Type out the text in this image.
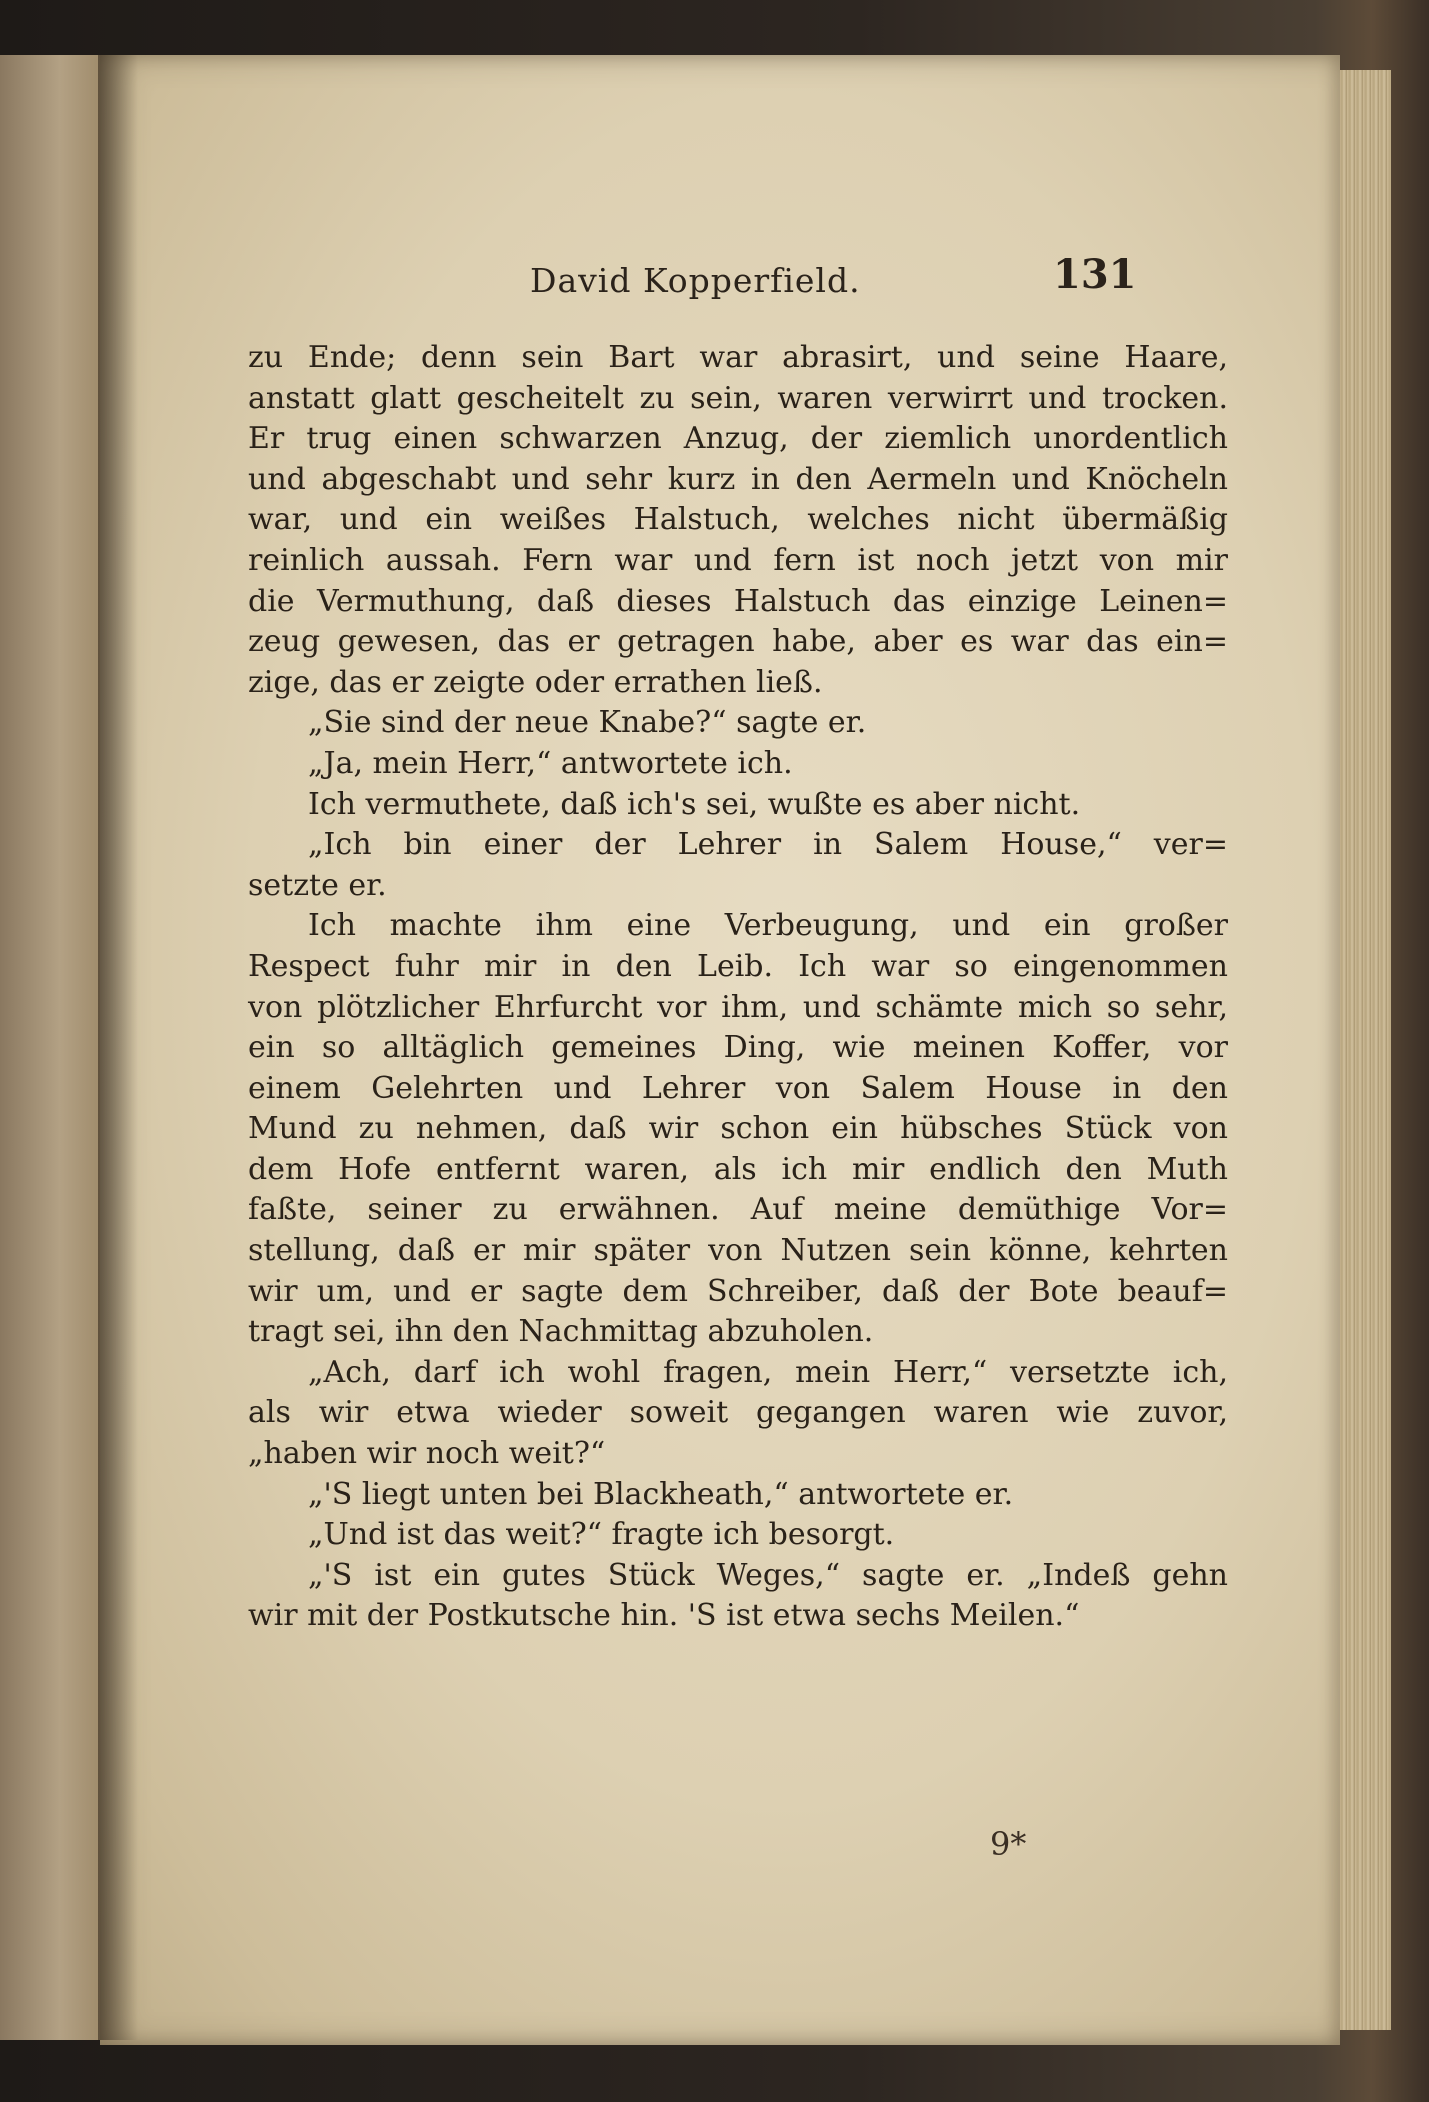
David Kopperfield.	131
zu Ende; denn sein Bart war abrasirt, und seine Haare,
anstatt glatt gescheitelt zu sein, waren verwirrt und trocken.
Er trug einen schwarzen Anzug, der ziemlich unordentlich
und abgeschabt und sehr kurz in den Aermeln und Knöcheln
war, und ein weißes Halstuch, welches nicht übermäßig
reinlich aussah. Fern war und fern ist noch jetzt von mir
die Vermuthung, daß dieses Halstuch das einzige Leinen=
zeug gewesen, das er getragen habe, aber es war das ein=
zige, das er zeigte oder errathen ließ.
„Sie sind der neue Knabe?“ sagte er.
„Ja, mein Herr,“ antwortete ich.
Ich vermuthete, daß ich's sei, wußte es aber nicht.
„Ich bin einer der Lehrer in Salem House,“ ver=
setzte er.
Ich machte ihm eine Verbeugung, und ein großer
Respect fuhr mir in den Leib. Ich war so eingenommen
von plötzlicher Ehrfurcht vor ihm, und schämte mich so sehr,
ein so alltäglich gemeines Ding, wie meinen Koffer, vor
einem Gelehrten und Lehrer von Salem House in den
Mund zu nehmen, daß wir schon ein hübsches Stück von
dem Hofe entfernt waren, als ich mir endlich den Muth
faßte, seiner zu erwähnen. Auf meine demüthige Vor=
stellung, daß er mir später von Nutzen sein könne, kehrten
wir um, und er sagte dem Schreiber, daß der Bote beauf=
tragt sei, ihn den Nachmittag abzuholen.
„Ach, darf ich wohl fragen, mein Herr,“ versetzte ich,
als wir etwa wieder soweit gegangen waren wie zuvor,
„haben wir noch weit?“
„'S liegt unten bei Blackheath,“ antwortete er.
„Und ist das weit?“ fragte ich besorgt.
„'S ist ein gutes Stück Weges,“ sagte er. „Indeß gehn
wir mit der Postkutsche hin. 'S ist etwa sechs Meilen.“
9*
